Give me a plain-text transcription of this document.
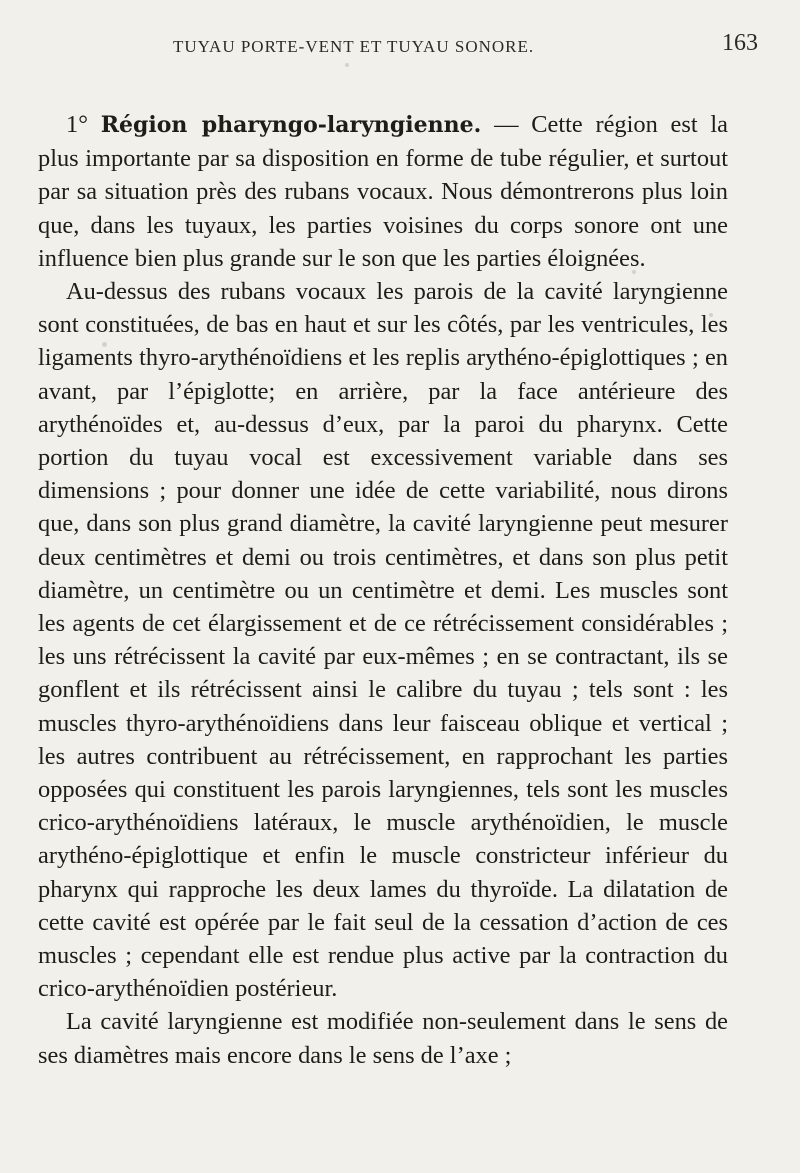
TUYAU PORTE-VENT ET TUYAU SONORE.	163

1° Région pharyngo-laryngienne. — Cette région est la plus importante par sa disposition en forme de tube régulier, et surtout par sa situation près des rubans vocaux. Nous démontrerons plus loin que, dans les tuyaux, les parties voisines du corps sonore ont une influence bien plus grande sur le son que les parties éloignées.

Au-dessus des rubans vocaux les parois de la cavité laryngienne sont constituées, de bas en haut et sur les côtés, par les ventricules, les ligaments thyro-arythénoïdiens et les replis arythéno-épiglottiques ; en avant, par l’épiglotte; en arrière, par la face antérieure des arythénoïdes et, au-dessus d’eux, par la paroi du pharynx. Cette portion du tuyau vocal est excessivement variable dans ses dimensions ; pour donner une idée de cette variabilité, nous dirons que, dans son plus grand diamètre, la cavité laryngienne peut mesurer deux centimètres et demi ou trois centimètres, et dans son plus petit diamètre, un centimètre ou un centimètre et demi. Les muscles sont les agents de cet élargissement et de ce rétrécissement considérables ; les uns rétrécissent la cavité par eux-mêmes ; en se contractant, ils se gonflent et ils rétrécissent ainsi le calibre du tuyau ; tels sont : les muscles thyro-arythénoïdiens dans leur faisceau oblique et vertical ; les autres contribuent au rétrécissement, en rapprochant les parties opposées qui constituent les parois laryngiennes, tels sont les muscles crico-arythénoïdiens latéraux, le muscle arythénoïdien, le muscle arythéno-épiglottique et enfin le muscle constricteur inférieur du pharynx qui rapproche les deux lames du thyroïde. La dilatation de cette cavité est opérée par le fait seul de la cessation d’action de ces muscles ; cependant elle est rendue plus active par la contraction du crico-arythénoïdien postérieur.

La cavité laryngienne est modifiée non-seulement dans le sens de ses diamètres mais encore dans le sens de l’axe ;
